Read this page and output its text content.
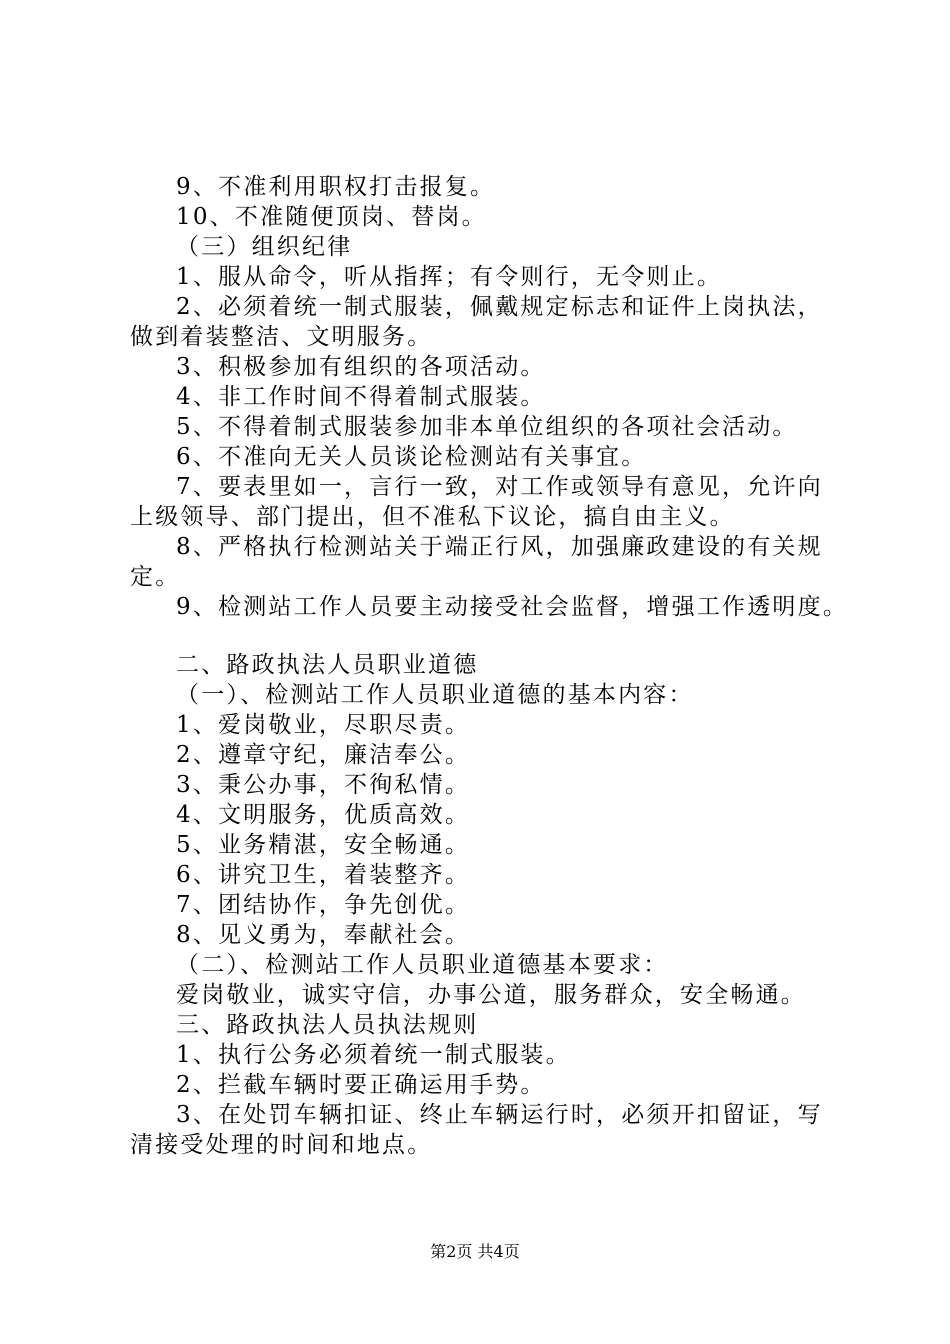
9、不准利用职权打击报复。

10、不准随便顶岗、替岗。

（三）组织纪律

1、服从命令，听从指挥；有令则行，无令则止。

2、必须着统一制式服装，佩戴规定标志和证件上岗执法，

做到着装整洁、文明服务。

3、积极参加有组织的各项活动。

4、非工作时间不得着制式服装。

5、不得着制式服装参加非本单位组织的各项社会活动。

6、不准向无关人员谈论检测站有关事宜。

7、要表里如一，言行一致，对工作或领导有意见，允许向

上级领导、部门提出，但不准私下议论，搞自由主义。

8、严格执行检测站关于端正行风，加强廉政建设的有关规

定。

9、检测站工作人员要主动接受社会监督，增强工作透明度。

二、路政执法人员职业道德

（一）、检测站工作人员职业道德的基本内容：

1、爱岗敬业，尽职尽责。

2、遵章守纪，廉洁奉公。

3、秉公办事，不徇私情。

4、文明服务，优质高效。

5、业务精湛，安全畅通。

6、讲究卫生，着装整齐。

7、团结协作，争先创优。

8、见义勇为，奉献社会。

（二）、检测站工作人员职业道德基本要求：

爱岗敬业，诚实守信，办事公道，服务群众，安全畅通。

三、路政执法人员执法规则

1、执行公务必须着统一制式服装。

2、拦截车辆时要正确运用手势。

3、在处罚车辆扣证、终止车辆运行时，必须开扣留证，写

清接受处理的时间和地点。

第2页 共4页
